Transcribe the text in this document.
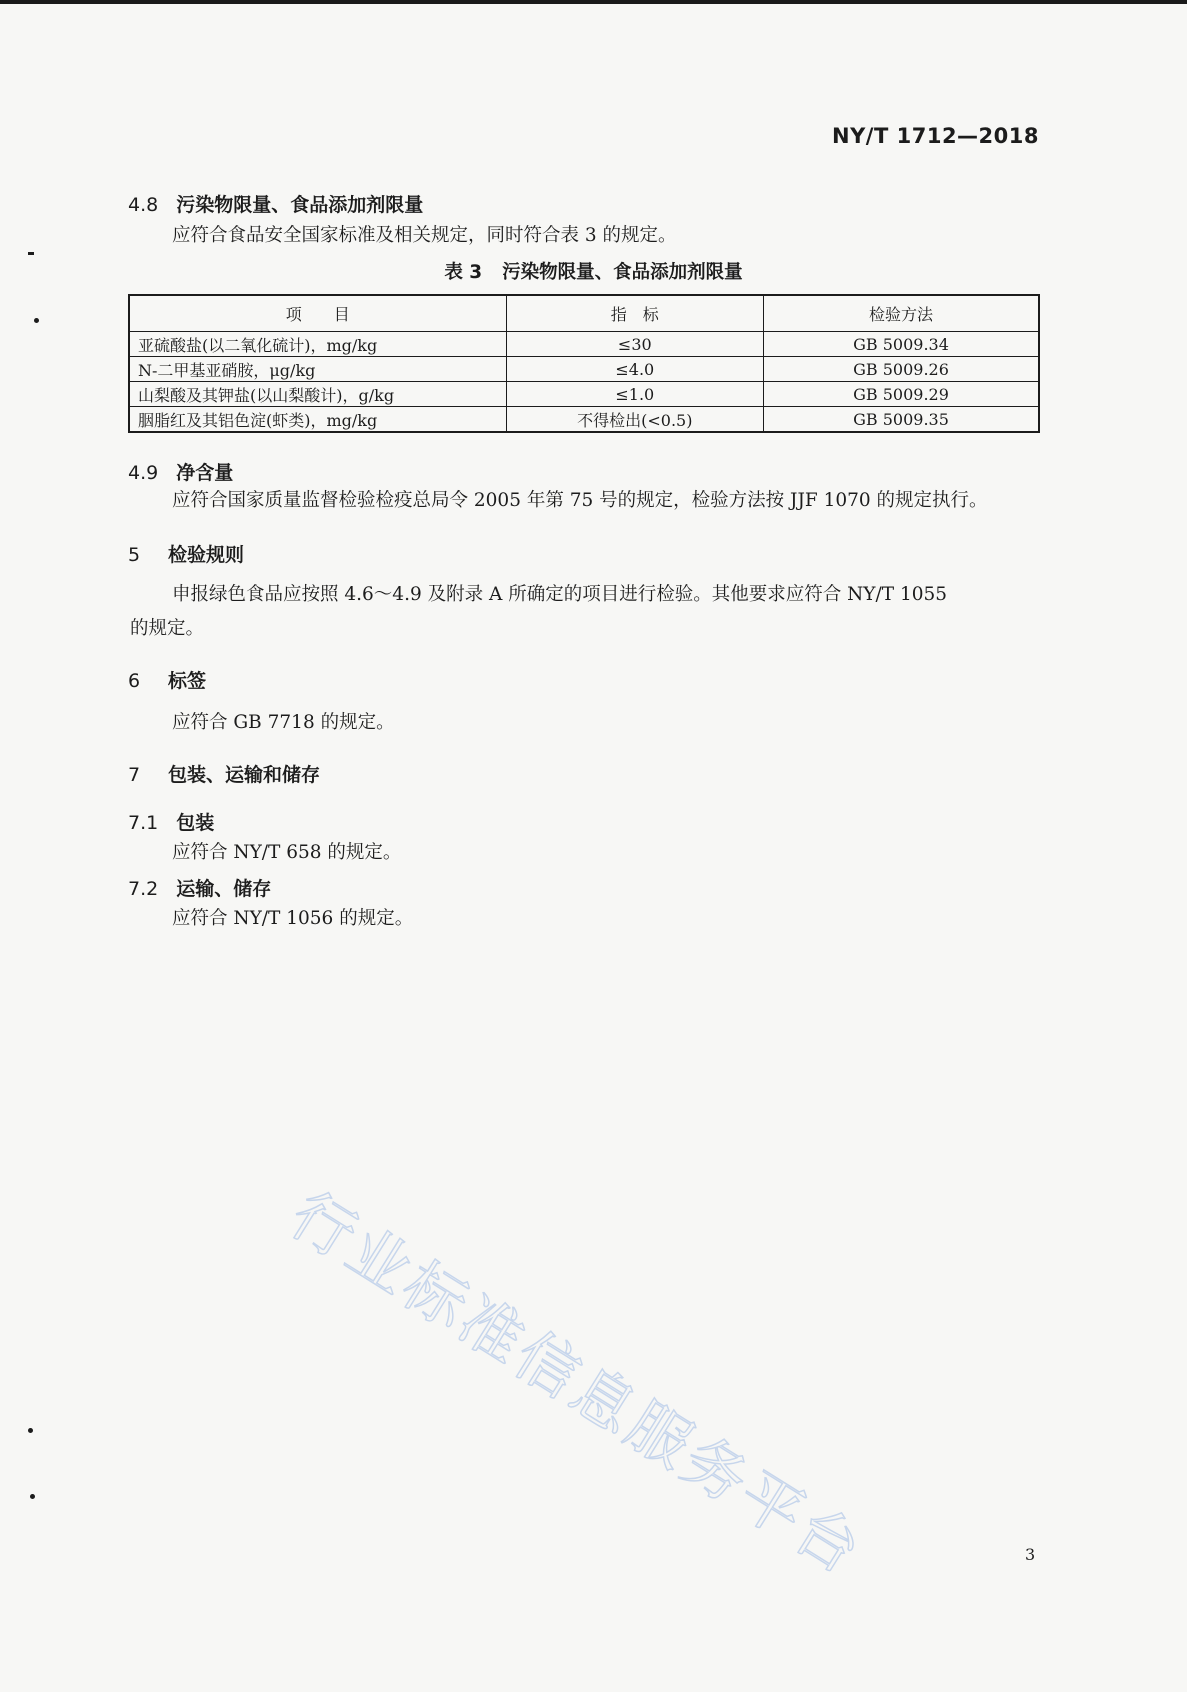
NY/T 1712—2018
4.8 污染物限量、食品添加剂限量
应符合食品安全国家标准及相关规定，同时符合表 3 的规定。
表 3 污染物限量、食品添加剂限量
项　　目	指　标	检验方法
亚硫酸盐(以二氧化硫计)，mg/kg	≤30	GB 5009.34
N-二甲基亚硝胺，μg/kg	≤4.0	GB 5009.26
山梨酸及其钾盐(以山梨酸计)，g/kg	≤1.0	GB 5009.29
胭脂红及其铝色淀(虾类)，mg/kg	不得检出(<0.5)	GB 5009.35
4.9 净含量
应符合国家质量监督检验检疫总局令 2005 年第 75 号的规定，检验方法按 JJF 1070 的规定执行。
5 检验规则
申报绿色食品应按照 4.6～4.9 及附录 A 所确定的项目进行检验。其他要求应符合 NY/T 1055
的规定。
6 标签
应符合 GB 7718 的规定。
7 包装、运输和储存
7.1 包装
应符合 NY/T 658 的规定。
7.2 运输、储存
应符合 NY/T 1056 的规定。
行业标准信息服务平台	3
